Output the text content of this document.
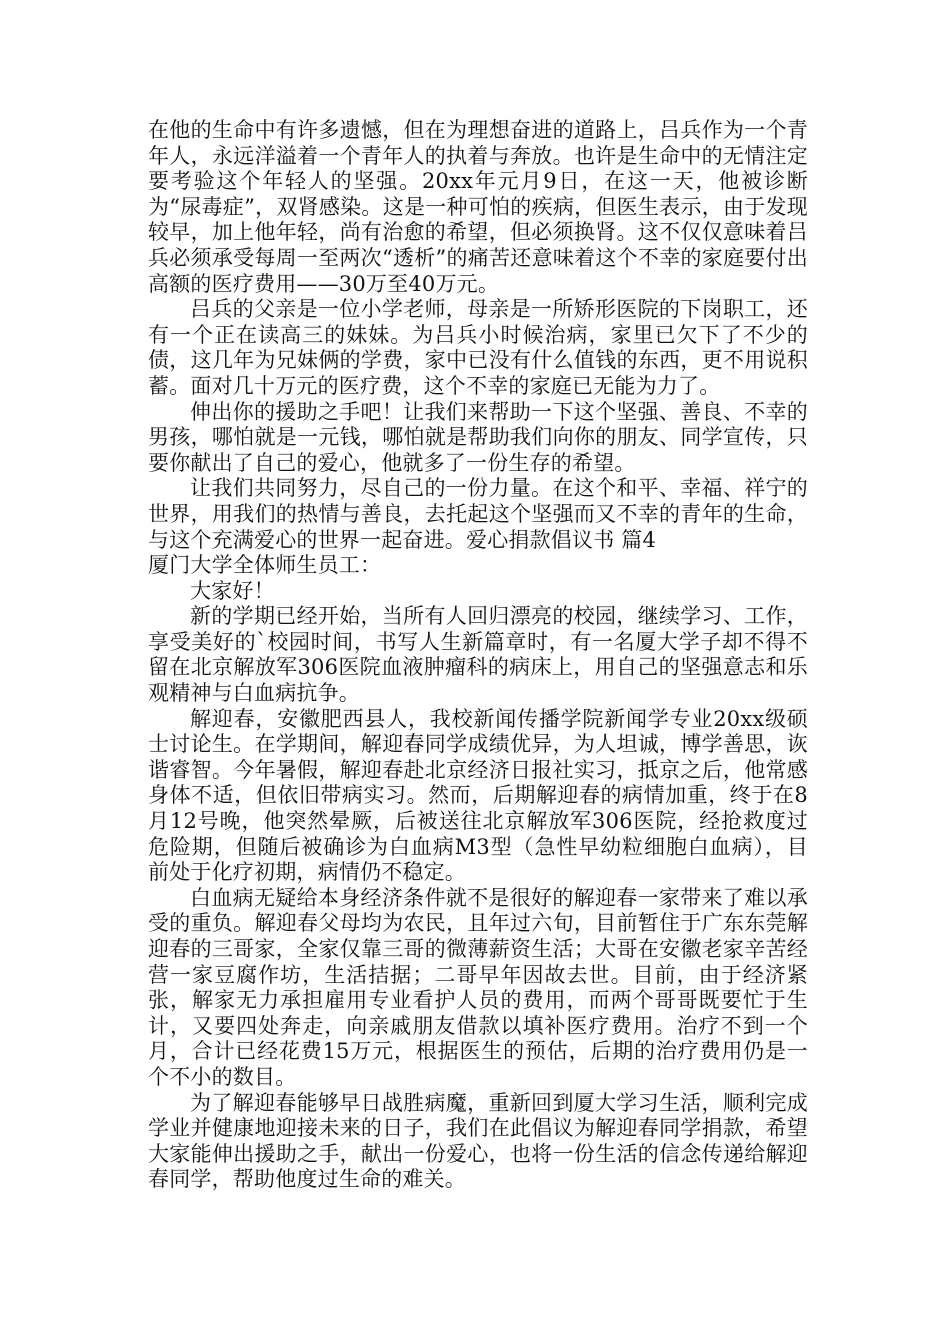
在他的生命中有许多遗憾，但在为理想奋进的道路上，吕兵作为一个青年人，永远洋溢着一个青年人的执着与奔放。也许是生命中的无情注定要考验这个年轻人的坚强。20xx年元月9日，在这一天，他被诊断为“尿毒症”，双肾感染。这是一种可怕的疾病，但医生表示，由于发现较早，加上他年轻，尚有治愈的希望，但必须换肾。这不仅仅意味着吕兵必须承受每周一至两次“透析”的痛苦还意味着这个不幸的家庭要付出高额的医疗费用——30万至40万元。

吕兵的父亲是一位小学老师，母亲是一所矫形医院的下岗职工，还有一个正在读高三的妹妹。为吕兵小时候治病，家里已欠下了不少的债，这几年为兄妹俩的学费，家中已没有什么值钱的东西，更不用说积蓄。面对几十万元的医疗费，这个不幸的家庭已无能为力了。

伸出你的援助之手吧！让我们来帮助一下这个坚强、善良、不幸的男孩，哪怕就是一元钱，哪怕就是帮助我们向你的朋友、同学宣传，只要你献出了自己的爱心，他就多了一份生存的希望。

让我们共同努力，尽自己的一份力量。在这个和平、幸福、祥宁的世界，用我们的热情与善良，去托起这个坚强而又不幸的青年的生命，与这个充满爱心的世界一起奋进。爱心捐款倡议书 篇4

厦门大学全体师生员工：

大家好！

新的学期已经开始，当所有人回归漂亮的校园，继续学习、工作，享受美好的`校园时间，书写人生新篇章时，有一名厦大学子却不得不留在北京解放军306医院血液肿瘤科的病床上，用自己的坚强意志和乐观精神与白血病抗争。

解迎春，安徽肥西县人，我校新闻传播学院新闻学专业20xx级硕士讨论生。在学期间，解迎春同学成绩优异，为人坦诚，博学善思，诙谐睿智。今年暑假，解迎春赴北京经济日报社实习，抵京之后，他常感身体不适，但依旧带病实习。然而，后期解迎春的病情加重，终于在8月12号晚，他突然晕厥，后被送往北京解放军306医院，经抢救度过危险期，但随后被确诊为白血病M3型（急性早幼粒细胞白血病），目前处于化疗初期，病情仍不稳定。

白血病无疑给本身经济条件就不是很好的解迎春一家带来了难以承受的重负。解迎春父母均为农民，且年过六旬，目前暂住于广东东莞解迎春的三哥家，全家仅靠三哥的微薄薪资生活；大哥在安徽老家辛苦经营一家豆腐作坊，生活拮据；二哥早年因故去世。目前，由于经济紧张，解家无力承担雇用专业看护人员的费用，而两个哥哥既要忙于生计，又要四处奔走，向亲戚朋友借款以填补医疗费用。治疗不到一个月，合计已经花费15万元，根据医生的预估，后期的治疗费用仍是一个不小的数目。

为了解迎春能够早日战胜病魔，重新回到厦大学习生活，顺利完成学业并健康地迎接未来的日子，我们在此倡议为解迎春同学捐款，希望大家能伸出援助之手，献出一份爱心，也将一份生活的信念传递给解迎春同学，帮助他度过生命的难关。
